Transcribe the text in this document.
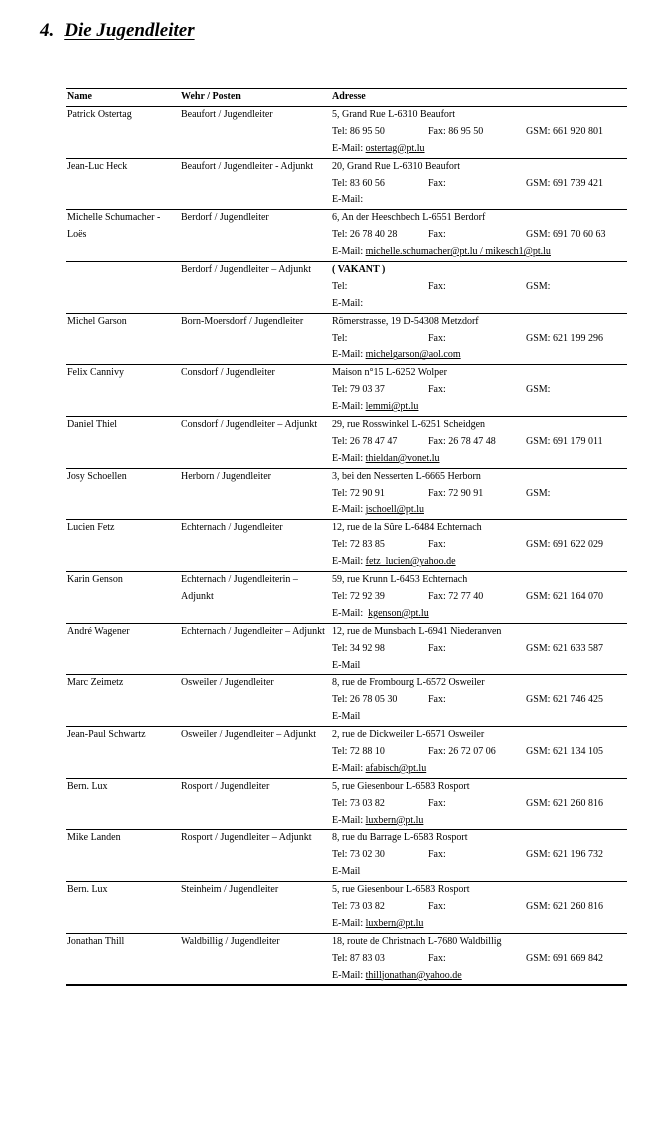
4. Die Jugendleiter
Name	Wehr / Posten	Adresse
Patrick Ostertag	Beaufort / Jugendleiter	5, Grand Rue L-6310 Beaufort
Tel: 86 95 50 Fax: 86 95 50 GSM: 661 920 801
E-Mail: ostertag@pt.lu

Jean-Luc Heck	Beaufort / Jugendleiter - Adjunkt	20, Grand Rue L-6310 Beaufort
Tel: 83 60 56 Fax: GSM: 691 739 421
E-Mail:

Michelle Schumacher - Loës	Berdorf / Jugendleiter	6, An der Heeschbech L-6551 Berdorf
Tel: 26 78 40 28 Fax: GSM: 691 70 60 63
E-Mail: michelle.schumacher@pt.lu / mikesch1@pt.lu

	Berdorf / Jugendleiter – Adjunkt	( VAKANT )
Tel: Fax: GSM:
E-Mail:

Michel Garson	Born-Moersdorf / Jugendleiter	Römerstrasse, 19 D-54308 Metzdorf
Tel: Fax: GSM: 621 199 296
E-Mail: michelgarson@aol.com

Felix Cannivy	Consdorf / Jugendleiter	Maison n°15 L-6252 Wolper
Tel: 79 03 37 Fax: GSM:
E-Mail: lemmi@pt.lu

Daniel Thiel	Consdorf / Jugendleiter – Adjunkt	29, rue Rosswinkel L-6251 Scheidgen
Tel: 26 78 47 47 Fax: 26 78 47 48 GSM: 691 179 011
E-Mail: thieldan@vonet.lu

Josy Schoellen	Herborn / Jugendleiter	3, bei den Nesserten L-6665 Herborn
Tel: 72 90 91 Fax: 72 90 91 GSM:
E-Mail: jschoell@pt.lu

Lucien Fetz	Echternach / Jugendleiter	12, rue de la Sûre L-6484 Echternach
Tel: 72 83 85 Fax: GSM: 691 622 029
E-Mail: fetz_lucien@yahoo.de

Karin Genson	Echternach / Jugendleiterin – Adjunkt	59, rue Krunn L-6453 Echternach
Tel: 72 92 39 Fax: 72 77 40 GSM: 621 164 070
E-Mail:  kgenson@pt.lu

André Wagener	Echternach / Jugendleiter – Adjunkt	12, rue de Munsbach L-6941 Niederanven
Tel: 34 92 98 Fax: GSM: 621 633 587
E-Mail

Marc Zeimetz	Osweiler / Jugendleiter	8, rue de Frombourg L-6572 Osweiler
Tel: 26 78 05 30 Fax: GSM: 621 746 425
E-Mail

Jean-Paul Schwartz	Osweiler / Jugendleiter – Adjunkt	2, rue de Dickweiler L-6571 Osweiler
Tel: 72 88 10 Fax: 26 72 07 06 GSM: 621 134 105
E-Mail: afabisch@pt.lu

Bern. Lux	Rosport / Jugendleiter	5, rue Giesenbour L-6583 Rosport
Tel: 73 03 82 Fax: GSM: 621 260 816
E-Mail: luxbern@pt.lu

Mike Landen	Rosport / Jugendleiter – Adjunkt	8, rue du Barrage L-6583 Rosport
Tel: 73 02 30 Fax: GSM: 621 196 732
E-Mail

Bern. Lux	Steinheim / Jugendleiter	5, rue Giesenbour L-6583 Rosport
Tel: 73 03 82 Fax: GSM: 621 260 816
E-Mail: luxbern@pt.lu

Jonathan Thill	Waldbillig / Jugendleiter	18, route de Christnach L-7680 Waldbillig
Tel: 87 83 03 Fax: GSM: 691 669 842
E-Mail: thilljonathan@yahoo.de
